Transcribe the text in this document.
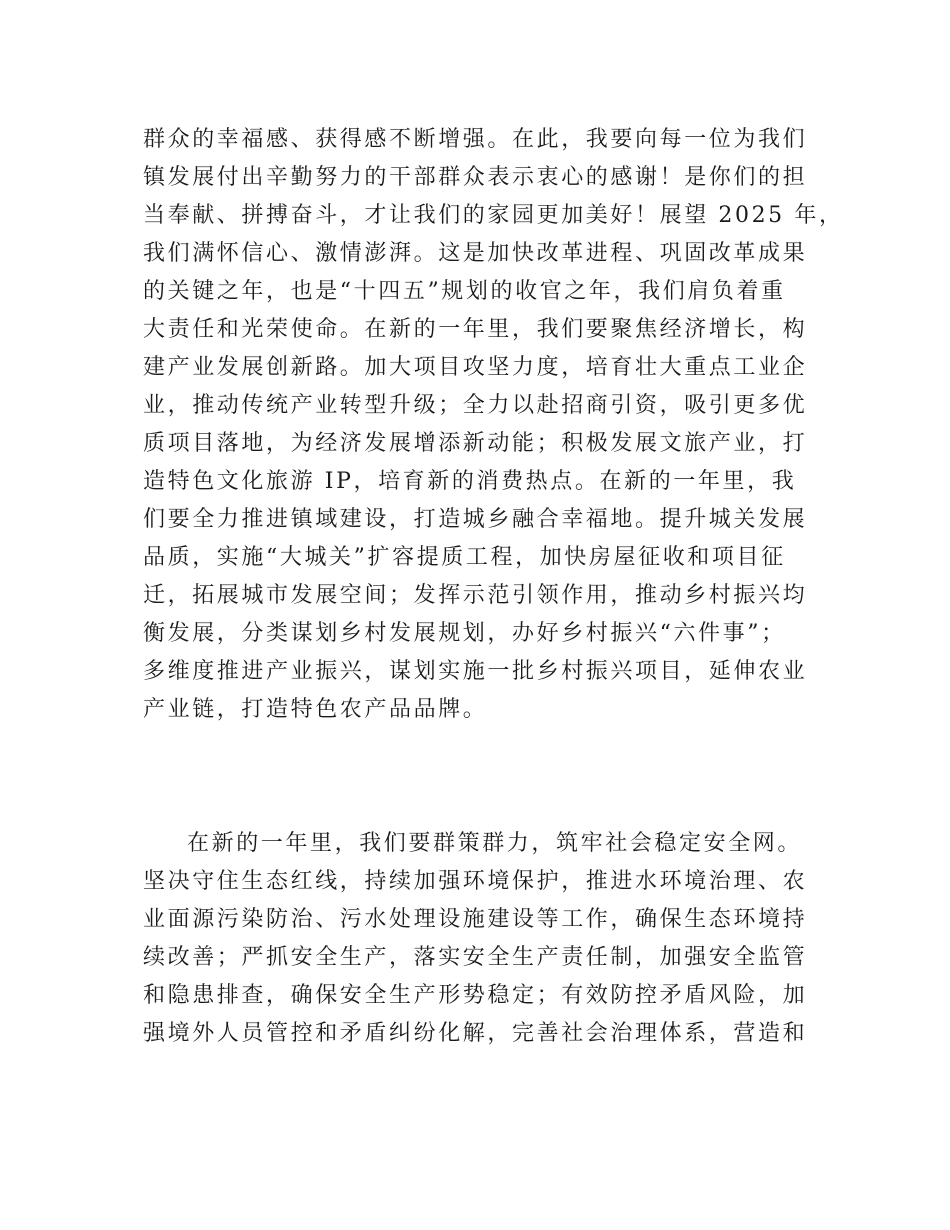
群众的幸福感、获得感不断增强。在此，我要向每一位为我们
镇发展付出辛勤努力的干部群众表示衷心的感谢！是你们的担
当奉献、拼搏奋斗，才让我们的家园更加美好！展望 2025 年，
我们满怀信心、激情澎湃。这是加快改革进程、巩固改革成果
的关键之年，也是“十四五”规划的收官之年，我们肩负着重
大责任和光荣使命。在新的一年里，我们要聚焦经济增长，构
建产业发展创新路。加大项目攻坚力度，培育壮大重点工业企
业，推动传统产业转型升级；全力以赴招商引资，吸引更多优
质项目落地，为经济发展增添新动能；积极发展文旅产业，打
造特色文化旅游 IP，培育新的消费热点。在新的一年里，我
们要全力推进镇域建设，打造城乡融合幸福地。提升城关发展
品质，实施“大城关”扩容提质工程，加快房屋征收和项目征
迁，拓展城市发展空间；发挥示范引领作用，推动乡村振兴均
衡发展，分类谋划乡村发展规划，办好乡村振兴“六件事”；
多维度推进产业振兴，谋划实施一批乡村振兴项目，延伸农业
产业链，打造特色农产品品牌。
在新的一年里，我们要群策群力，筑牢社会稳定安全网。
坚决守住生态红线，持续加强环境保护，推进水环境治理、农
业面源污染防治、污水处理设施建设等工作，确保生态环境持
续改善；严抓安全生产，落实安全生产责任制，加强安全监管
和隐患排查，确保安全生产形势稳定；有效防控矛盾风险，加
强境外人员管控和矛盾纠纷化解，完善社会治理体系，营造和
